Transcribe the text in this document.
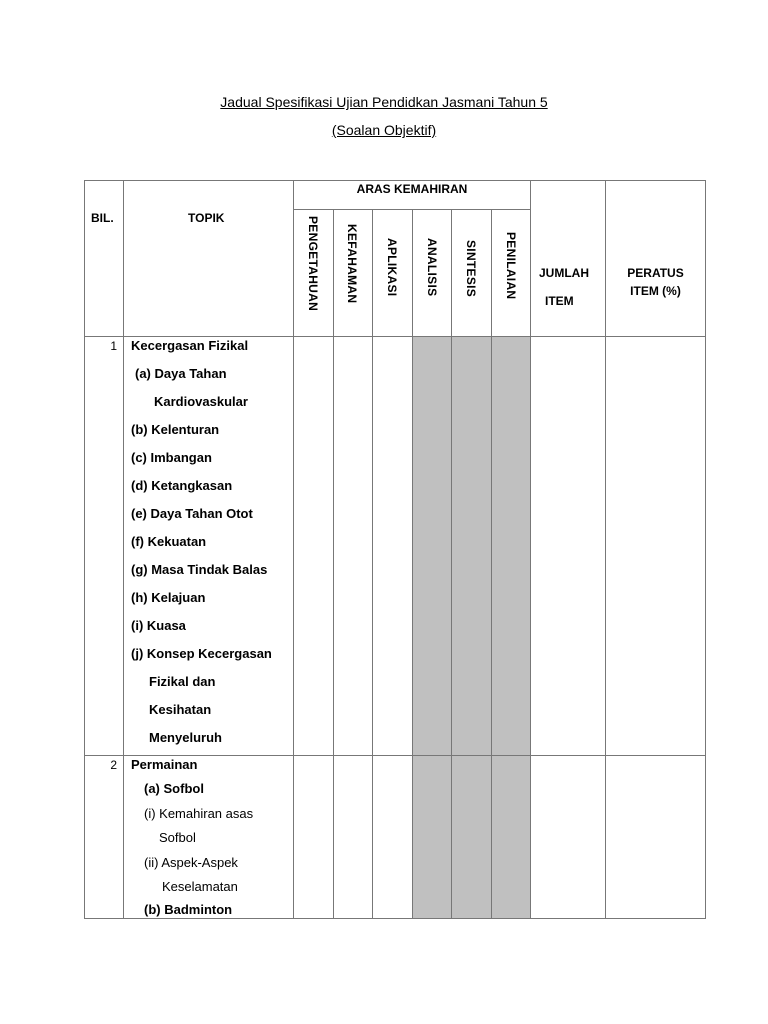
Jadual Spesifikasi Ujian Pendidkan Jasmani Tahun 5
(Soalan Objektif)
BIL.	TOPIK
ARAS KEMAHIRAN
PENGETAHUAN KEFAHAMAN APLIKASI ANALISIS SINTESIS PENILAIAN JUMLAH
ITEM
PERATUS
ITEM (%)
1 Kecergasan Fizikal
(a) Daya Tahan
Kardiovaskular
(b) Kelenturan
(c) Imbangan
(d) Ketangkasan
(e) Daya Tahan Otot
(f) Kekuatan
(g) Masa Tindak Balas
(h) Kelajuan
(i) Kuasa
(j) Konsep Kecergasan
Fizikal dan
Kesihatan
Menyeluruh
2 Permainan
(a) Sofbol
(i) Kemahiran asas
Sofbol
(ii) Aspek-Aspek
Keselamatan
(b) Badminton
